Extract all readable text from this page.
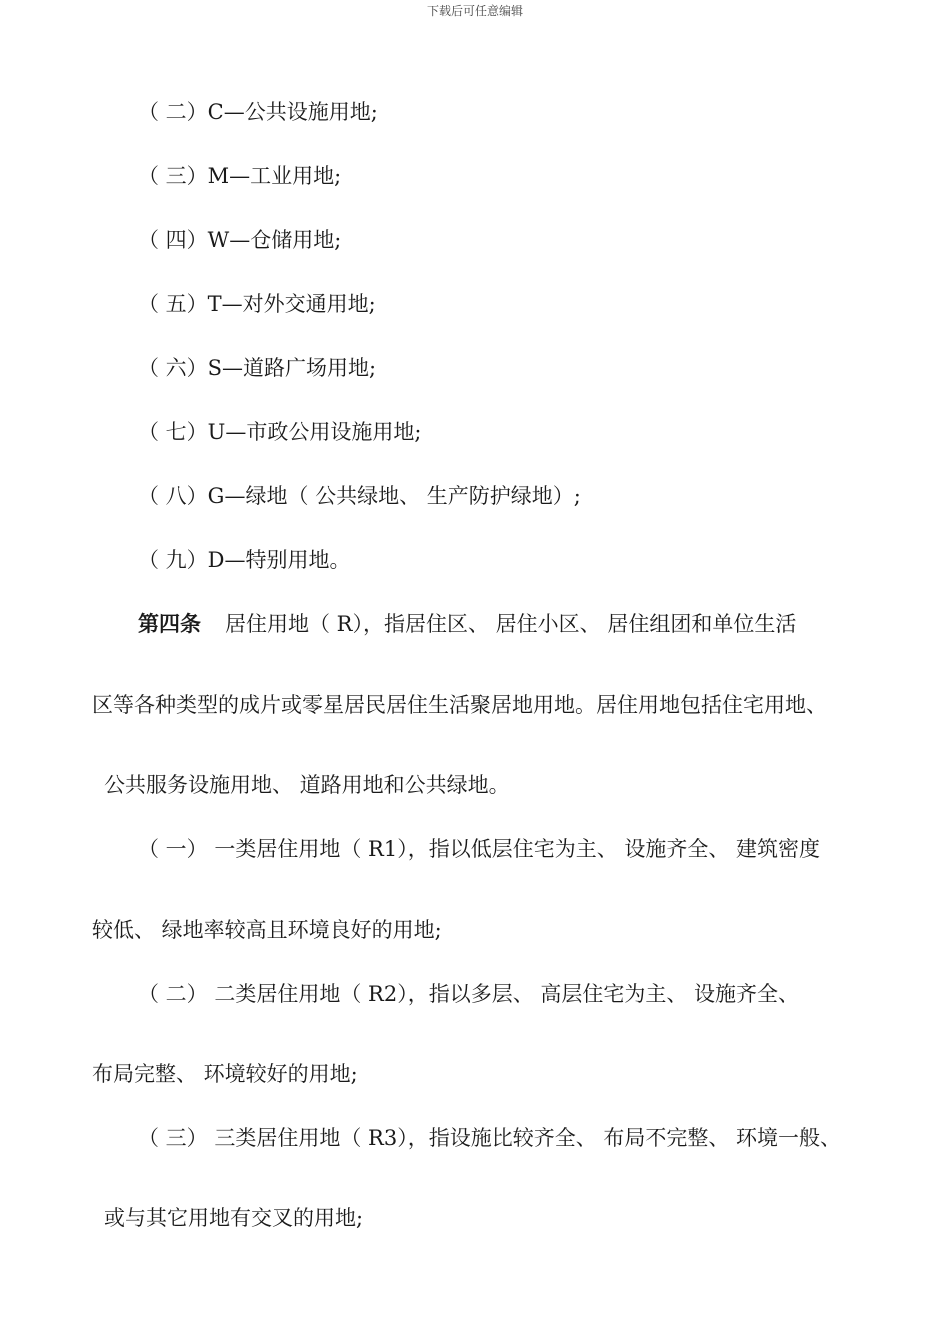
下载后可任意编辑
（ 二）C—公共设施用地;
（ 三）M—工业用地;
（ 四）W—仓储用地;
（ 五）T—对外交通用地;
（ 六）S—道路广场用地;
（ 七）U—市政公用设施用地;
（ 八）G—绿地（ 公共绿地、 生产防护绿地）;
（ 九）D—特别用地。
第四条 居住用地（ R），指居住区、 居住小区、 居住组团和单位生活
区等各种类型的成片或零星居民居住生活聚居地用地。居住用地包括住宅用地、
公共服务设施用地、 道路用地和公共绿地。
（ 一） 一类居住用地（ R1），指以低层住宅为主、 设施齐全、 建筑密度
较低、 绿地率较高且环境良好的用地;
（ 二） 二类居住用地（ R2），指以多层、 高层住宅为主、 设施齐全、
布局完整、 环境较好的用地;
（ 三） 三类居住用地（ R3），指设施比较齐全、 布局不完整、 环境一般、
或与其它用地有交叉的用地;
